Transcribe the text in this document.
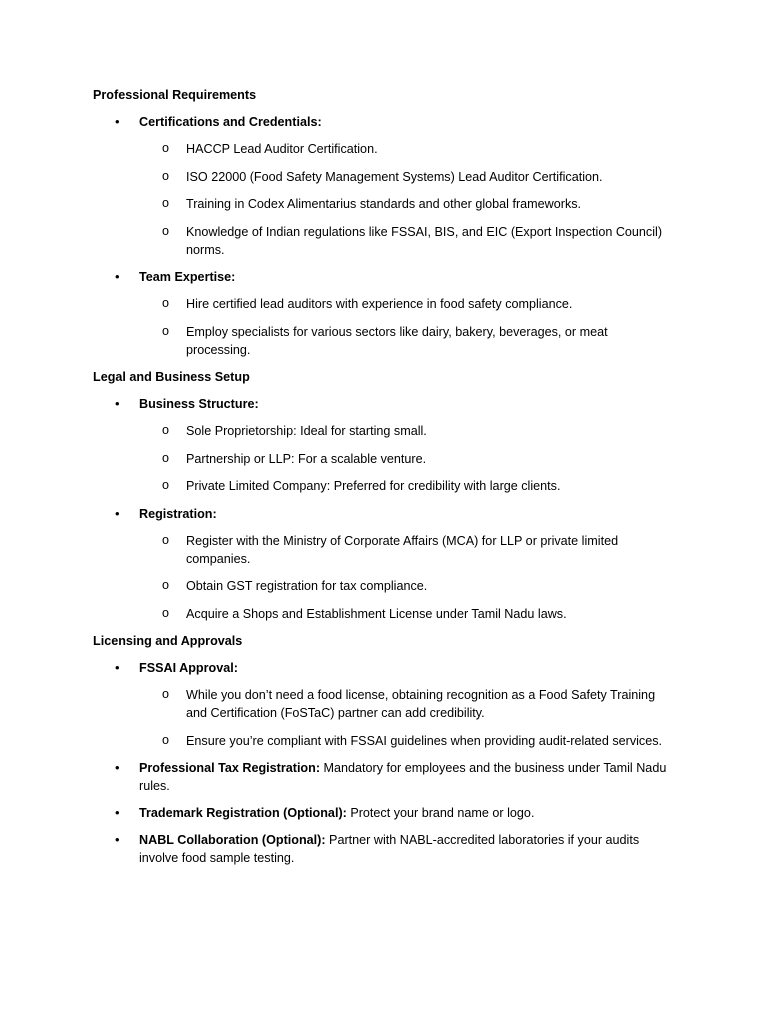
Professional Requirements
• Certifications and Credentials:
o HACCP Lead Auditor Certification.
o ISO 22000 (Food Safety Management Systems) Lead Auditor Certification.
o Training in Codex Alimentarius standards and other global frameworks.
o Knowledge of Indian regulations like FSSAI, BIS, and EIC (Export Inspection Council) norms.
• Team Expertise:
o Hire certified lead auditors with experience in food safety compliance.
o Employ specialists for various sectors like dairy, bakery, beverages, or meat processing.
Legal and Business Setup
• Business Structure:
o Sole Proprietorship: Ideal for starting small.
o Partnership or LLP: For a scalable venture.
o Private Limited Company: Preferred for credibility with large clients.
• Registration:
o Register with the Ministry of Corporate Affairs (MCA) for LLP or private limited companies.
o Obtain GST registration for tax compliance.
o Acquire a Shops and Establishment License under Tamil Nadu laws.
Licensing and Approvals
• FSSAI Approval:
o While you don’t need a food license, obtaining recognition as a Food Safety Training and Certification (FoSTaC) partner can add credibility.
o Ensure you’re compliant with FSSAI guidelines when providing audit-related services.
• Professional Tax Registration: Mandatory for employees and the business under Tamil Nadu rules.
• Trademark Registration (Optional): Protect your brand name or logo.
• NABL Collaboration (Optional): Partner with NABL-accredited laboratories if your audits involve food sample testing.
